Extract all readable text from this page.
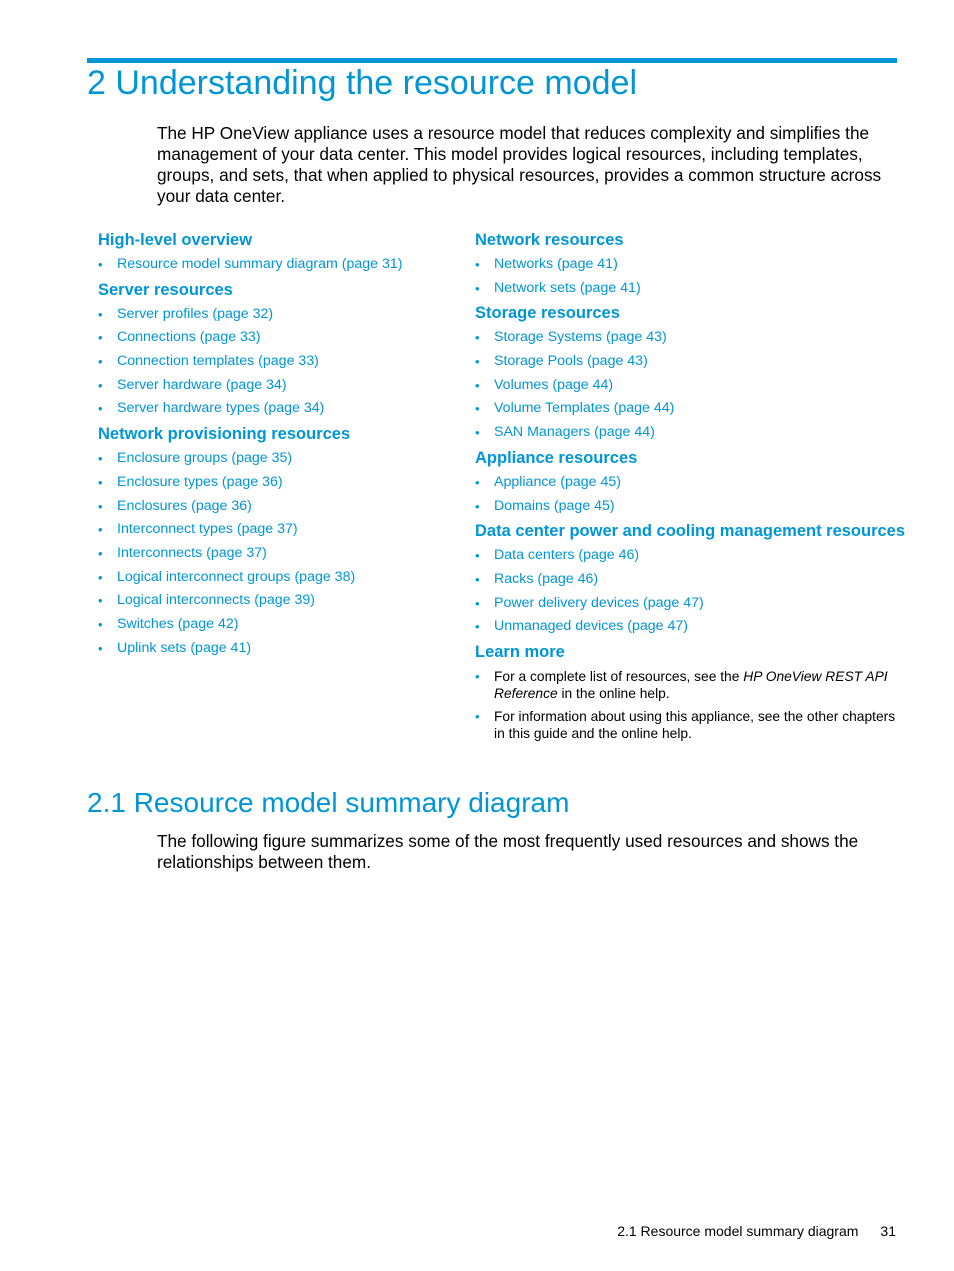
2 Understanding the resource model

The HP OneView appliance uses a resource model that reduces complexity and simplifies the management of your data center. This model provides logical resources, including templates, groups, and sets, that when applied to physical resources, provides a common structure across your data center.

High-level overview
• Resource model summary diagram (page 31)
Server resources
• Server profiles (page 32)
• Connections (page 33)
• Connection templates (page 33)
• Server hardware (page 34)
• Server hardware types (page 34)
Network provisioning resources
• Enclosure groups (page 35)
• Enclosure types (page 36)
• Enclosures (page 36)
• Interconnect types (page 37)
• Interconnects (page 37)
• Logical interconnect groups (page 38)
• Logical interconnects (page 39)
• Switches (page 42)
• Uplink sets (page 41)
Network resources
• Networks (page 41)
• Network sets (page 41)
Storage resources
• Storage Systems (page 43)
• Storage Pools (page 43)
• Volumes (page 44)
• Volume Templates (page 44)
• SAN Managers (page 44)
Appliance resources
• Appliance (page 45)
• Domains (page 45)
Data center power and cooling management resources
• Data centers (page 46)
• Racks (page 46)
• Power delivery devices (page 47)
• Unmanaged devices (page 47)
Learn more
• For a complete list of resources, see the HP OneView REST API Reference in the online help.
• For information about using this appliance, see the other chapters in this guide and the online help.
2.1 Resource model summary diagram

The following figure summarizes some of the most frequently used resources and shows the relationships between them.

2.1 Resource model summary diagram 31
